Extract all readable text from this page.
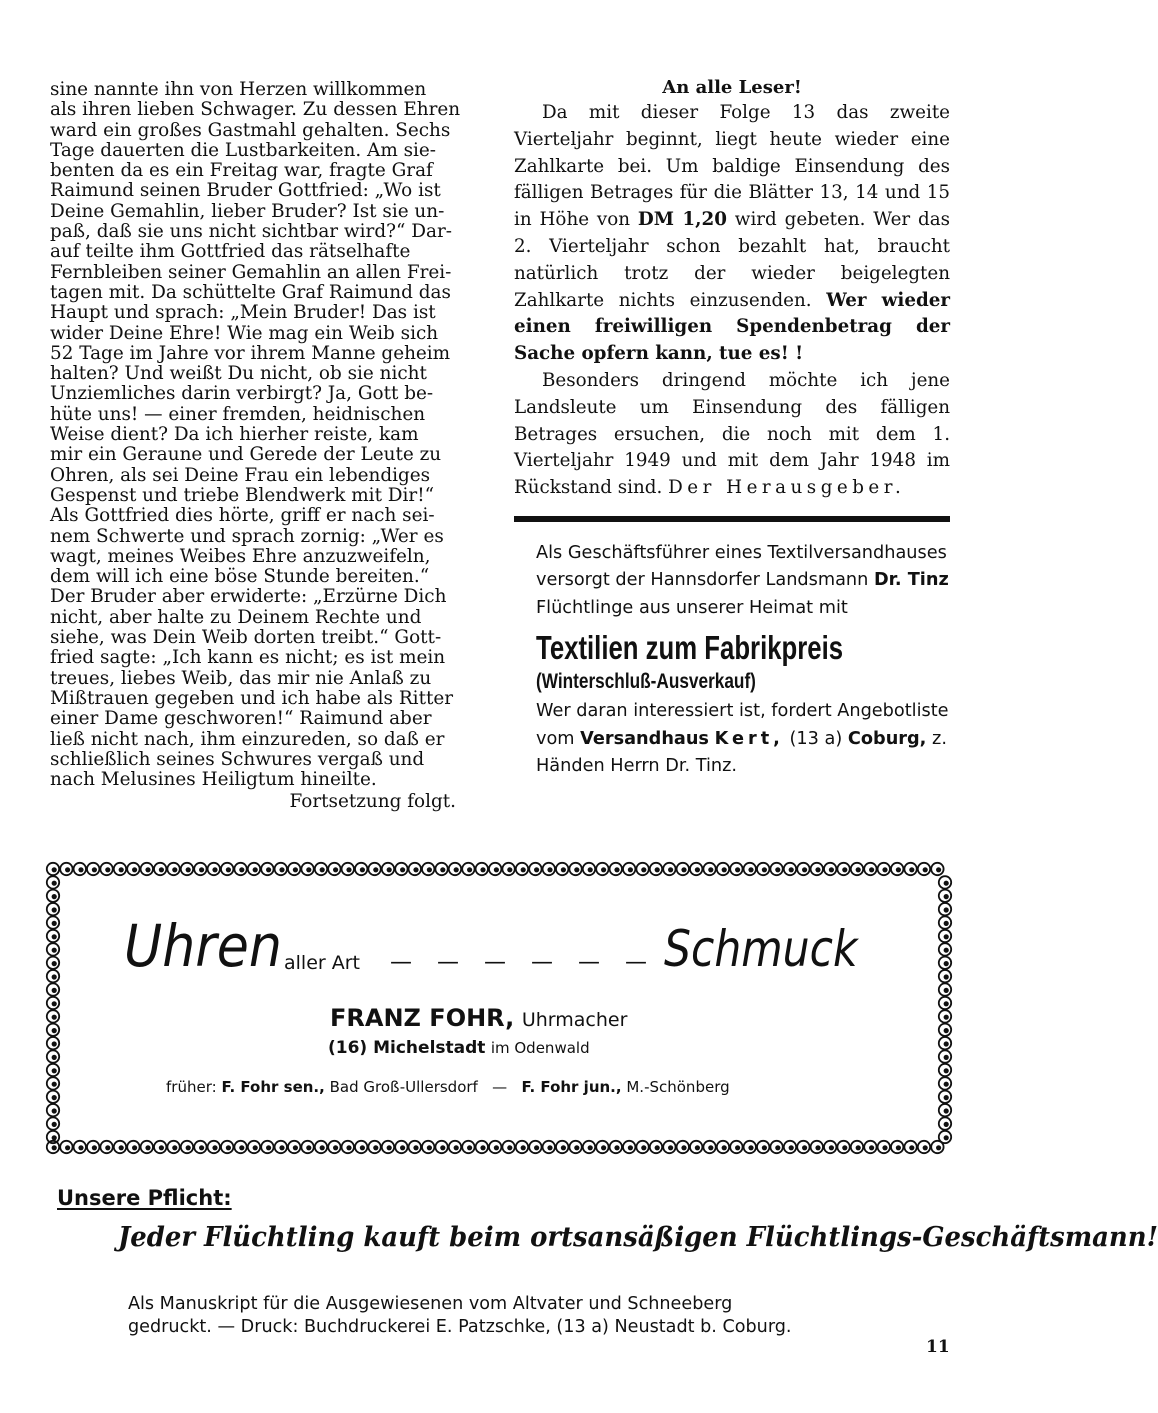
sine nannte ihn von Herzen willkommen
als ihren lieben Schwager. Zu dessen Ehren
ward ein großes Gastmahl gehalten. Sechs
Tage dauerten die Lustbarkeiten. Am sie-
benten da es ein Freitag war, fragte Graf
Raimund seinen Bruder Gottfried: „Wo ist
Deine Gemahlin, lieber Bruder? Ist sie un-
paß, daß sie uns nicht sichtbar wird?“ Dar-
auf teilte ihm Gottfried das rätselhafte
Fernbleiben seiner Gemahlin an allen Frei-
tagen mit. Da schüttelte Graf Raimund das
Haupt und sprach: „Mein Bruder! Das ist
wider Deine Ehre! Wie mag ein Weib sich
52 Tage im Jahre vor ihrem Manne geheim
halten? Und weißt Du nicht, ob sie nicht
Unziemliches darin verbirgt? Ja, Gott be-
hüte uns! — einer fremden, heidnischen
Weise dient? Da ich hierher reiste, kam
mir ein Geraune und Gerede der Leute zu
Ohren, als sei Deine Frau ein lebendiges
Gespenst und triebe Blendwerk mit Dir!“
Als Gottfried dies hörte, griff er nach sei-
nem Schwerte und sprach zornig: „Wer es
wagt, meines Weibes Ehre anzuzweifeln,
dem will ich eine böse Stunde bereiten.“
Der Bruder aber erwiderte: „Erzürne Dich
nicht, aber halte zu Deinem Rechte und
siehe, was Dein Weib dorten treibt.“ Gott-
fried sagte: „Ich kann es nicht; es ist mein
treues, liebes Weib, das mir nie Anlaß zu
Mißtrauen gegeben und ich habe als Ritter
einer Dame geschworen!“ Raimund aber
ließ nicht nach, ihm einzureden, so daß er
schließlich seines Schwures vergaß und
nach Melusines Heiligtum hineilte.

Fortsetzung folgt.

An alle Leser!

Da mit dieser Folge 13 das zweite Vierteljahr beginnt, liegt heute wieder eine Zahlkarte bei. Um baldige Einsendung des fälligen Betrages für die Blätter 13, 14 und 15 in Höhe von DM 1,20 wird gebeten. Wer das 2. Vierteljahr schon bezahlt hat, braucht natürlich trotz der wieder beigelegten Zahlkarte nichts einzusenden. Wer wieder einen freiwilligen Spendenbetrag der Sache opfern kann, tue es! !

Besonders dringend möchte ich jene Landsleute um Einsendung des fälligen Betrages ersuchen, die noch mit dem 1. Vierteljahr 1949 und mit dem Jahr 1948 im Rückstand sind. Der Herausgeber.

Als Geschäftsführer eines Textilversandhauses versorgt der Hannsdorfer Landsmann Dr. Tinz Flüchtlinge aus unserer Heimat mit

Textilien zum Fabrikpreis
(Winterschluß-Ausverkauf)

Wer daran interessiert ist, fordert Angebotliste vom Versandhaus Kert, (13 a) Coburg, z. Händen Herrn Dr. Tinz.

Uhren aller Art — — — — — — Schmuck
FRANZ FOHR, Uhrmacher
(16) Michelstadt im Odenwald
früher: F. Fohr sen., Bad Groß-Ullersdorf — F. Fohr jun., M.-Schönberg
Unsere Pflicht:
Jeder Flüchtling kauft beim ortsansäßigen Flüchtlings-Geschäftsmann!
Als Manuskript für die Ausgewiesenen vom Altvater und Schneeberg
gedruckt. — Druck: Buchdruckerei E. Patzschke, (13 a) Neustadt b. Coburg.
11
